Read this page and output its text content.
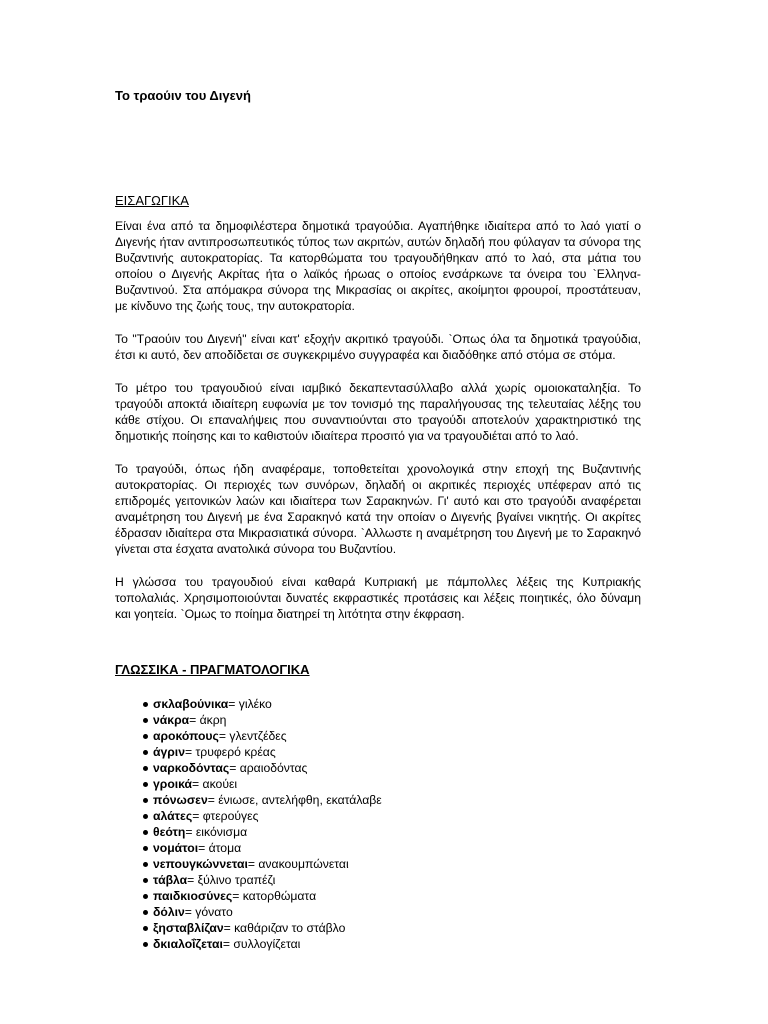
Το τραούιν του Διγενή
ΕΙΣΑΓΩΓΙΚΑ

Είναι ένα από τα δημοφιλέστερα δημοτικά τραγούδια. Αγαπήθηκε ιδιαίτερα από το λαό γιατί ο Διγενής ήταν αντιπροσωπευτικός τύπος των ακριτών, αυτών δηλαδή που φύλαγαν τα σύνορα της Βυζαντινής αυτοκρατορίας. Τα κατορθώματα του τραγουδήθηκαν από το λαό, στα μάτια του οποίου ο Διγενής Ακρίτας ήτα ο λαϊκός ήρωας ο οποίος ενσάρκωνε τα όνειρα του `Ελληνα-Βυζαντινού. Στα απόμακρα σύνορα της Μικρασίας οι ακρίτες, ακοίμητοι φρουροί, προστάτευαν, με κίνδυνο της ζωής τους, την αυτοκρατορία.

Το "Τραούιν του Διγενή" είναι κατ' εξοχήν ακριτικό τραγούδι. `Οπως όλα τα δημοτικά τραγούδια, έτσι κι αυτό, δεν αποδίδεται σε συγκεκριμένο συγγραφέα και διαδόθηκε από στόμα σε στόμα.

Το μέτρο του τραγουδιού είναι ιαμβικό δεκαπεντασύλλαβο αλλά χωρίς ομοιοκαταληξία. Το τραγούδι αποκτά ιδιαίτερη ευφωνία με τον τονισμό της παραλήγουσας της τελευταίας λέξης του κάθε στίχου. Οι επαναλήψεις που συναντιούνται στο τραγούδι αποτελούν χαρακτηριστικό της δημοτικής ποίησης και το καθιστούν ιδιαίτερα προσιτό για να τραγουδιέται από το λαό.

Το τραγούδι, όπως ήδη αναφέραμε, τοποθετείται χρονολογικά στην εποχή της Βυζαντινής αυτοκρατορίας. Οι περιοχές των συνόρων, δηλαδή οι ακριτικές περιοχές υπέφεραν από τις επιδρομές γειτονικών λαών και ιδιαίτερα των Σαρακηνών. Γι' αυτό και στο τραγούδι αναφέρεται αναμέτρηση του Διγενή με ένα Σαρακηνό κατά την οποίαν ο Διγενής βγαίνει νικητής. Οι ακρίτες έδρασαν ιδιαίτερα στα Μικρασιατικά σύνορα. `Αλλωστε η αναμέτρηση του Διγενή με το Σαρακηνό γίνεται στα έσχατα ανατολικά σύνορα του Βυζαντίου.

Η γλώσσα του τραγουδιού είναι καθαρά Κυπριακή με πάμπολλες λέξεις της Κυπριακής τοπολαλιάς. Χρησιμοποιούνται δυνατές εκφραστικές προτάσεις και λέξεις ποιητικές, όλο δύναμη και γοητεία. `Ομως το ποίημα διατηρεί τη λιτότητα στην έκφραση.

ΓΛΩΣΣΙΚΑ - ΠΡΑΓΜΑΤΟΛΟΓΙΚΑ
σκλαβούνικα= γιλέκο
νάκρα= άκρη
αροκόπους= γλεντζέδες
άγριν= τρυφερό κρέας
ναρκοδόντας= αραιοδόντας
γροικά= ακούει
πόνωσεν= ένιωσε, αντελήφθη, εκατάλαβε
αλάτες= φτερούγες
θεότη= εικόνισμα
νομάτοι= άτομα
νεπουγκώννεται= ανακουμπώνεται
τάβλα= ξύλινο τραπέζι
παιδκιοσύνες= κατορθώματα
δόλιν= γόνατο
ξησταβλίζαν= καθάριζαν το στάβλο
δκιαλοΐζεται= συλλογίζεται
